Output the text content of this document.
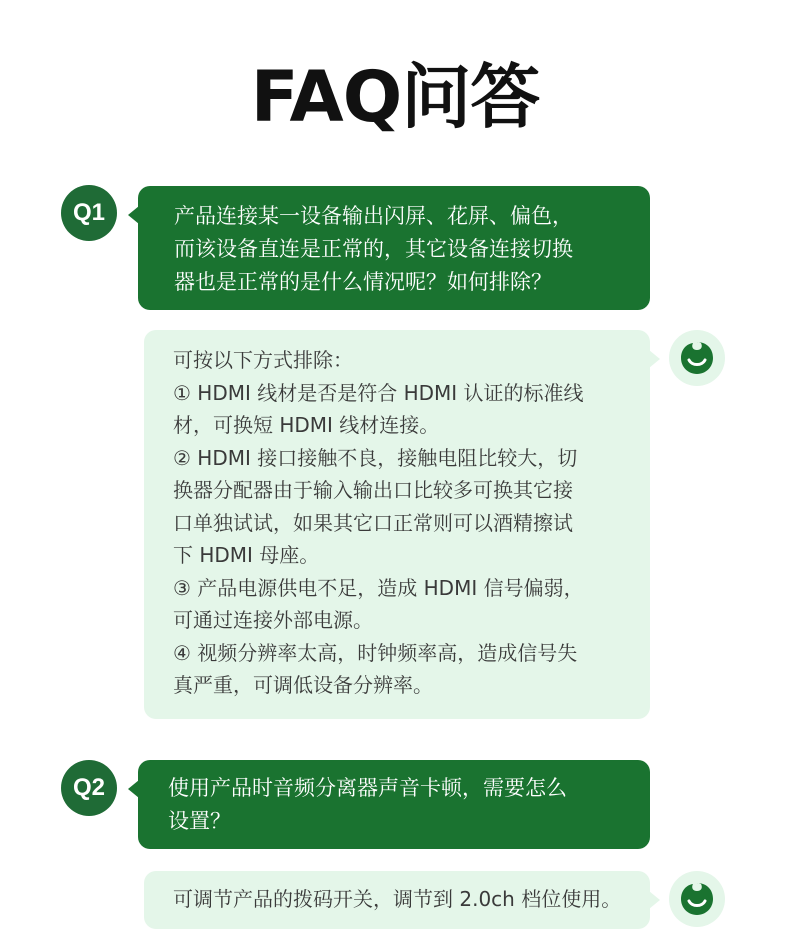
FAQ问答
Q1	产品连接某一设备输出闪屏、花屏、偏色，
而该设备直连是正常的，其它设备连接切换
器也是正常的是什么情况呢？如何排除？
可按以下方式排除：
① HDMI 线材是否是符合 HDMI 认证的标准线
材，可换短 HDMI 线材连接。
② HDMI 接口接触不良，接触电阻比较大，切
换器分配器由于输入输出口比较多可换其它接
口单独试试，如果其它口正常则可以酒精擦试
下 HDMI 母座。
③ 产品电源供电不足，造成 HDMI 信号偏弱，
可通过连接外部电源。
④ 视频分辨率太高，时钟频率高，造成信号失
真严重，可调低设备分辨率。
Q2	使用产品时音频分离器声音卡顿，需要怎么
设置？
可调节产品的拨码开关，调节到 2.0ch 档位使用。
